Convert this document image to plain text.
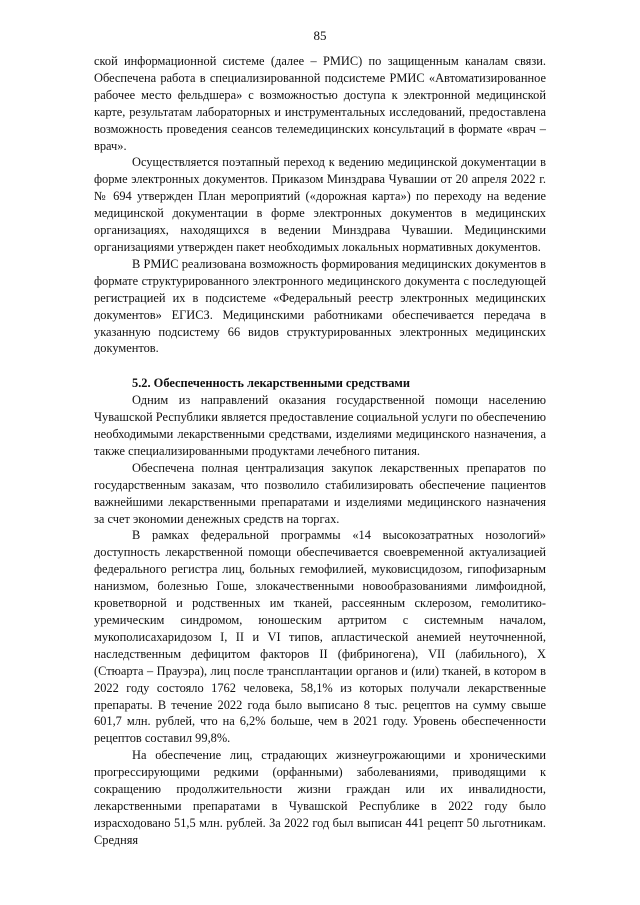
85

ской информационной системе (далее – РМИС) по защищенным каналам связи. Обеспечена работа в специализированной подсистеме РМИС «Автоматизированное рабочее место фельдшера» с возможностью доступа к электронной медицинской карте, результатам лабораторных и инструментальных исследований, предоставлена возможность проведения сеансов телемедицинских консультаций в формате «врач – врач».

Осуществляется поэтапный переход к ведению медицинской документации в форме электронных документов. Приказом Минздрава Чувашии от 20 апреля 2022 г. № 694 утвержден План мероприятий («дорожная карта») по переходу на ведение медицинской документации в форме электронных документов в медицинских организациях, находящихся в ведении Минздрава Чувашии. Медицинскими организациями утвержден пакет необходимых локальных нормативных документов.

В РМИС реализована возможность формирования медицинских документов в формате структурированного электронного медицинского документа с последующей регистрацией их в подсистеме «Федеральный реестр электронных медицинских документов» ЕГИСЗ. Медицинскими работниками обеспечивается передача в указанную подсистему 66 видов структурированных электронных медицинских документов.

5.2. Обеспеченность лекарственными средствами

Одним из направлений оказания государственной помощи населению Чувашской Республики является предоставление социальной услуги по обеспечению необходимыми лекарственными средствами, изделиями медицинского назначения, а также специализированными продуктами лечебного питания.

Обеспечена полная централизация закупок лекарственных препаратов по государственным заказам, что позволило стабилизировать обеспечение пациентов важнейшими лекарственными препаратами и изделиями медицинского назначения за счет экономии денежных средств на торгах.

В рамках федеральной программы «14 высокозатратных нозологий» доступность лекарственной помощи обеспечивается своевременной актуализацией федерального регистра лиц, больных гемофилией, муковисцидозом, гипофизарным нанизмом, болезнью Гоше, злокачественными новообразованиями лимфоидной, кроветворной и родственных им тканей, рассеянным склерозом, гемолитико-уремическим синдромом, юношеским артритом с системным началом, мукополисахаридозом I, II и VI типов, апластической анемией неуточненной, наследственным дефицитом факторов II (фибриногена), VII (лабильного), X (Стюарта – Прауэра), лиц после трансплантации органов и (или) тканей, в котором в 2022 году состояло 1762 человека, 58,1% из которых получали лекарственные препараты. В течение 2022 года было выписано 8 тыс. рецептов на сумму свыше 601,7 млн. рублей, что на 6,2% больше, чем в 2021 году. Уровень обеспеченности рецептов составил 99,8%.

На обеспечение лиц, страдающих жизнеугрожающими и хроническими прогрессирующими редкими (орфанными) заболеваниями, приводящими к сокращению продолжительности жизни граждан или их инвалидности, лекарственными препаратами в Чувашской Республике в 2022 году было израсходовано 51,5 млн. рублей. За 2022 год был выписан 441 рецепт 50 льготникам. Средняя
